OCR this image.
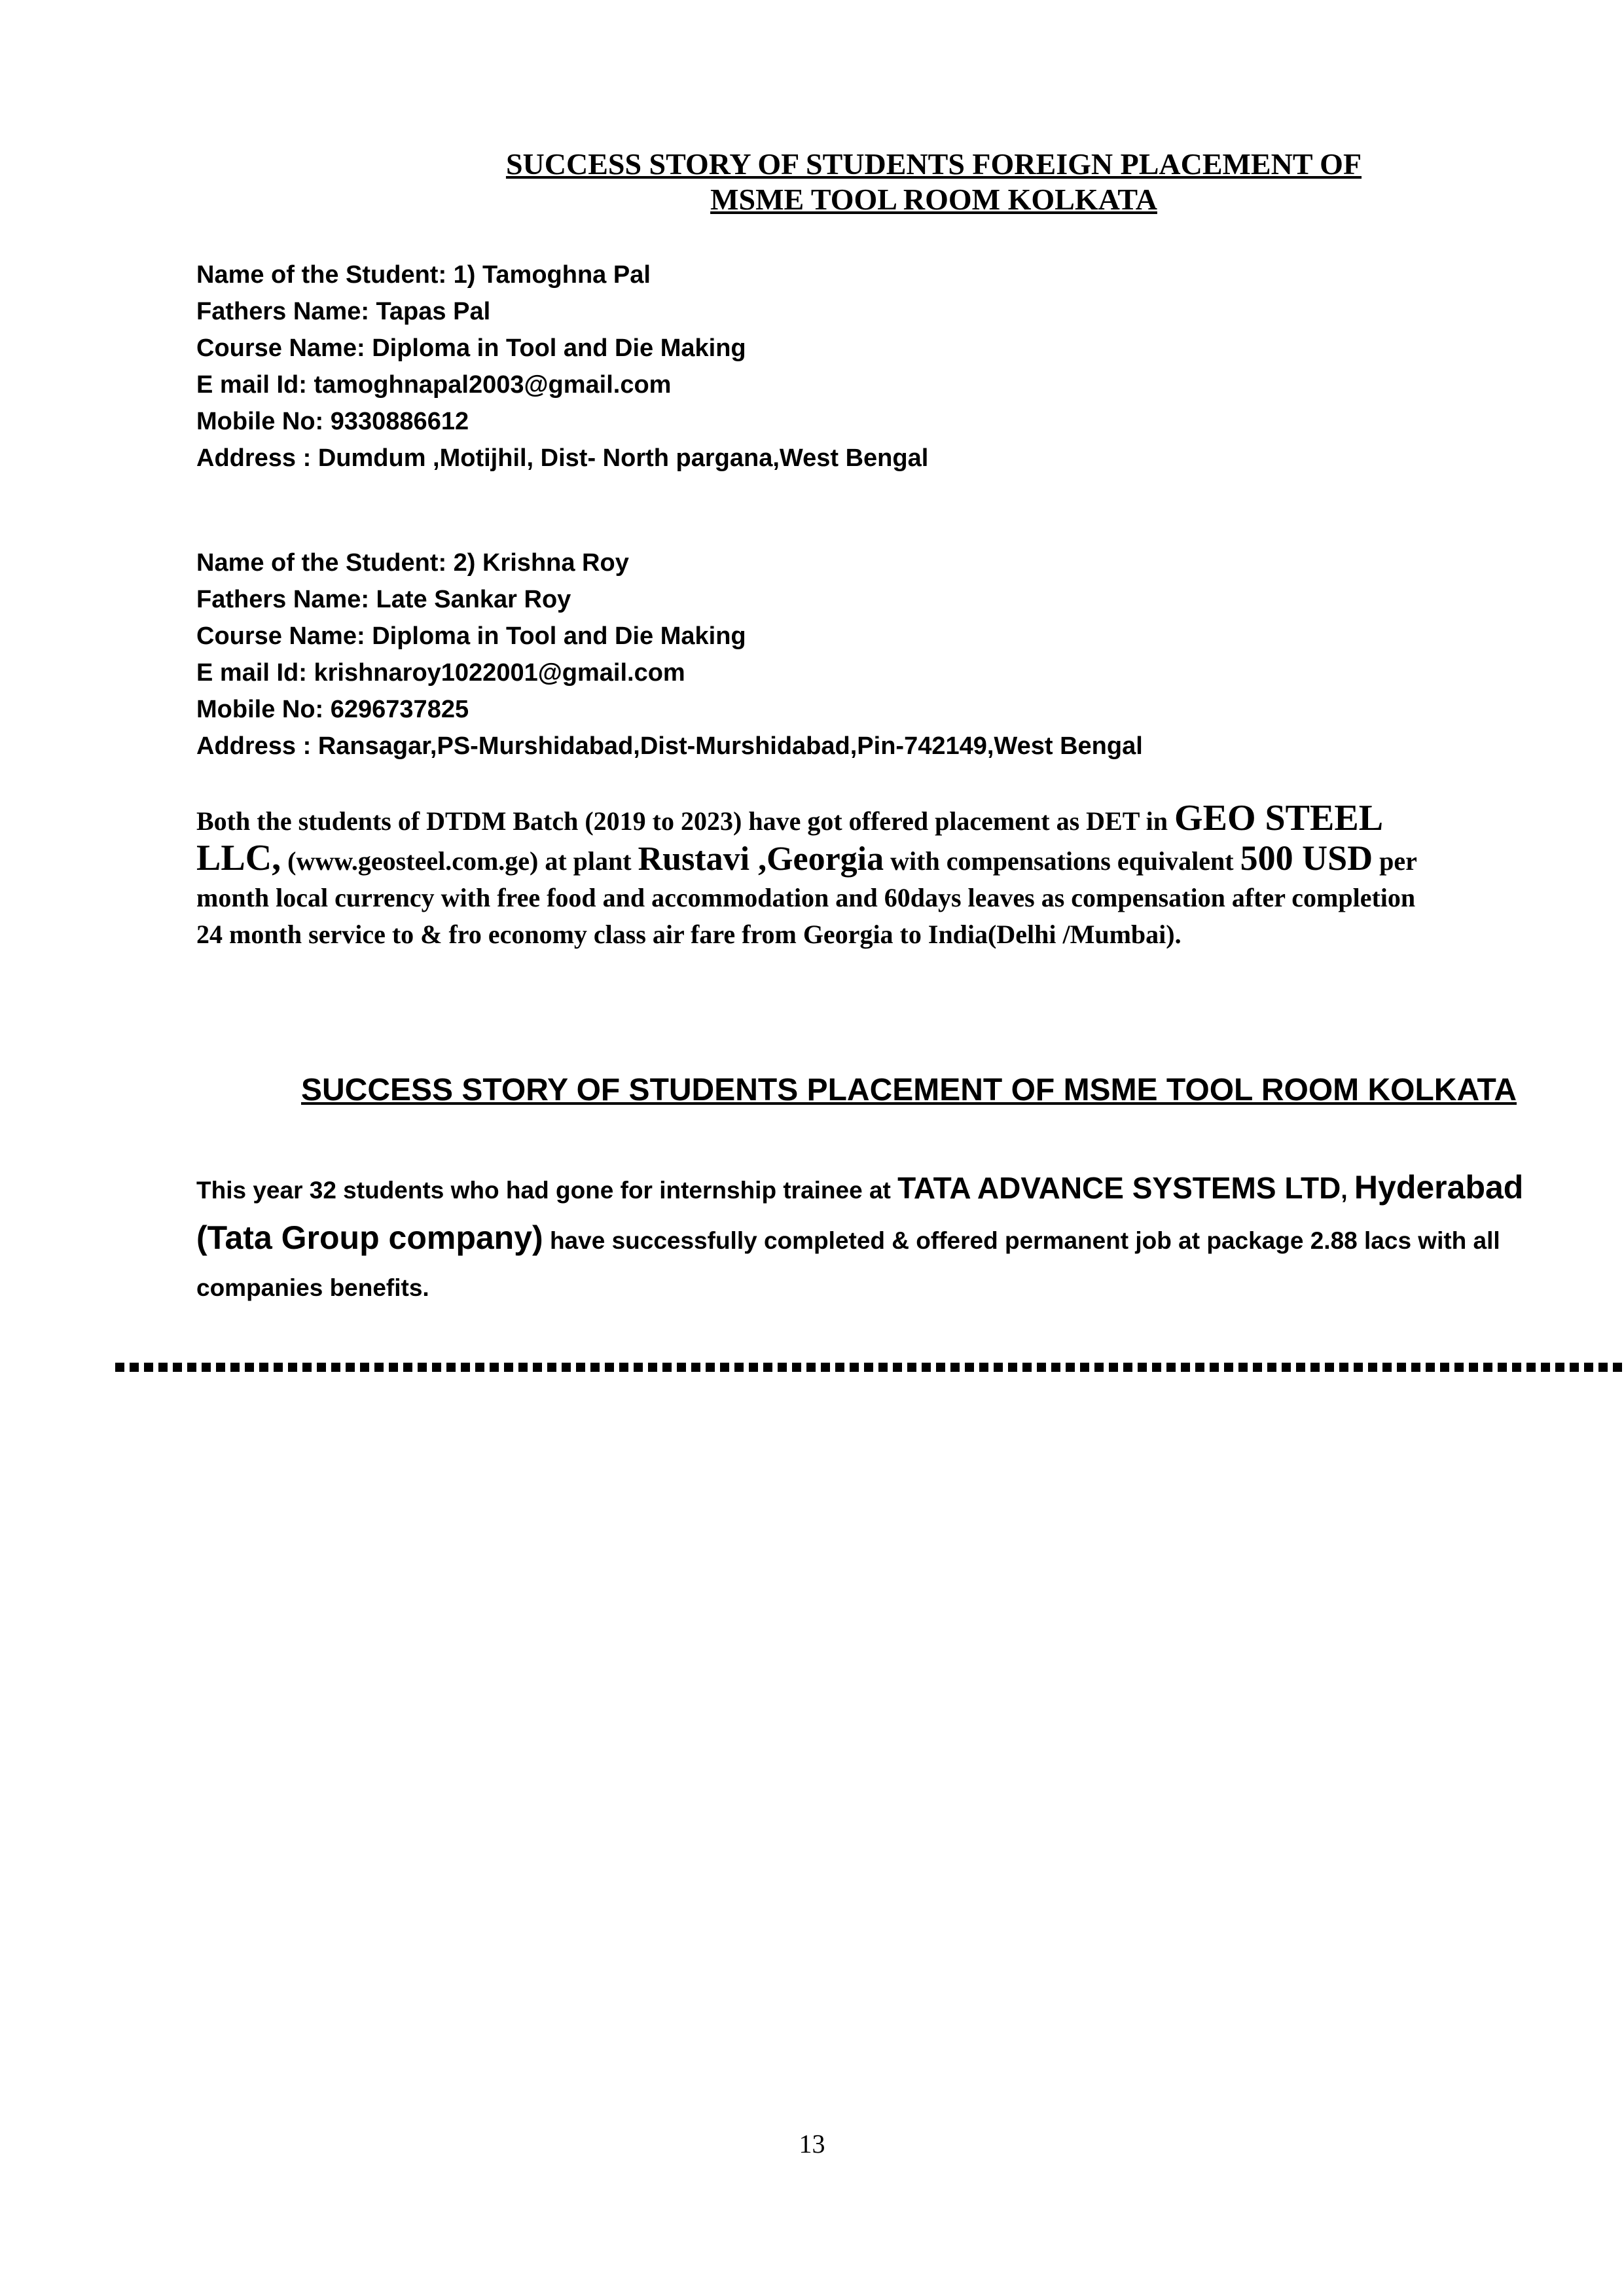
SUCCESS STORY OF STUDENTS FOREIGN PLACEMENT OF
MSME TOOL ROOM KOLKATA
Name of the Student: 1) Tamoghna Pal
Fathers Name: Tapas Pal
Course Name: Diploma in Tool and Die Making
E mail Id: tamoghnapal2003@gmail.com
Mobile No: 9330886612
Address : Dumdum ,Motijhil, Dist- North pargana,West Bengal
Name of the Student: 2) Krishna Roy
Fathers Name: Late Sankar Roy
Course Name: Diploma in Tool and Die Making
E mail Id: krishnaroy1022001@gmail.com
Mobile No: 6296737825
Address : Ransagar,PS-Murshidabad,Dist-Murshidabad,Pin-742149,West Bengal
Both the students of DTDM Batch (2019 to 2023) have got offered placement as DET in GEO STEEL LLC, (www.geosteel.com.ge) at plant Rustavi ,Georgia with compensations equivalent 500 USD per month local currency with free food and accommodation and 60days leaves as compensation after completion 24 month service to & fro economy class air fare from Georgia to India(Delhi /Mumbai).
SUCCESS STORY OF STUDENTS PLACEMENT OF MSME TOOL ROOM KOLKATA
This year 32 students who had gone for internship trainee at TATA ADVANCE SYSTEMS LTD, Hyderabad (Tata Group company) have successfully completed & offered permanent job at package 2.88 lacs with all companies benefits.
13
